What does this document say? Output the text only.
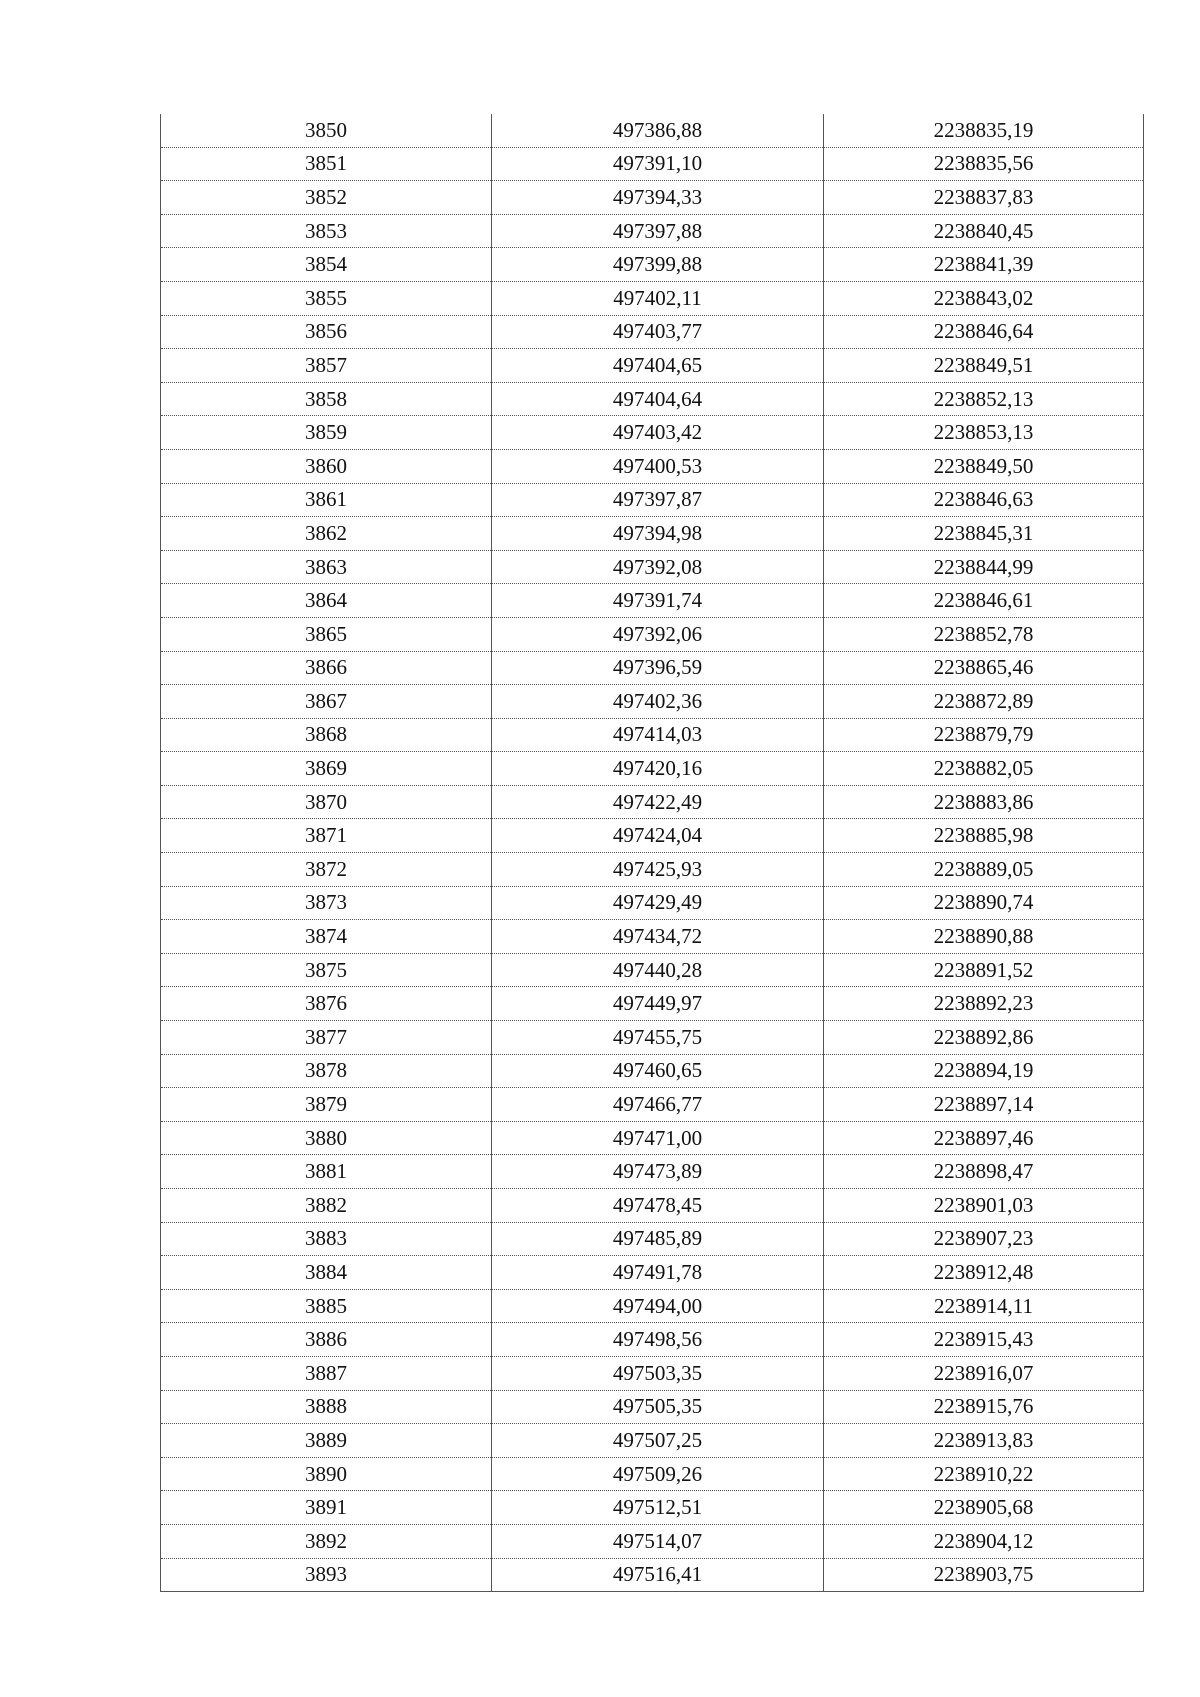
3850	497386,88	2238835,19
3851	497391,10	2238835,56
3852	497394,33	2238837,83
3853	497397,88	2238840,45
3854	497399,88	2238841,39
3855	497402,11	2238843,02
3856	497403,77	2238846,64
3857	497404,65	2238849,51
3858	497404,64	2238852,13
3859	497403,42	2238853,13
3860	497400,53	2238849,50
3861	497397,87	2238846,63
3862	497394,98	2238845,31
3863	497392,08	2238844,99
3864	497391,74	2238846,61
3865	497392,06	2238852,78
3866	497396,59	2238865,46
3867	497402,36	2238872,89
3868	497414,03	2238879,79
3869	497420,16	2238882,05
3870	497422,49	2238883,86
3871	497424,04	2238885,98
3872	497425,93	2238889,05
3873	497429,49	2238890,74
3874	497434,72	2238890,88
3875	497440,28	2238891,52
3876	497449,97	2238892,23
3877	497455,75	2238892,86
3878	497460,65	2238894,19
3879	497466,77	2238897,14
3880	497471,00	2238897,46
3881	497473,89	2238898,47
3882	497478,45	2238901,03
3883	497485,89	2238907,23
3884	497491,78	2238912,48
3885	497494,00	2238914,11
3886	497498,56	2238915,43
3887	497503,35	2238916,07
3888	497505,35	2238915,76
3889	497507,25	2238913,83
3890	497509,26	2238910,22
3891	497512,51	2238905,68
3892	497514,07	2238904,12
3893	497516,41	2238903,75
